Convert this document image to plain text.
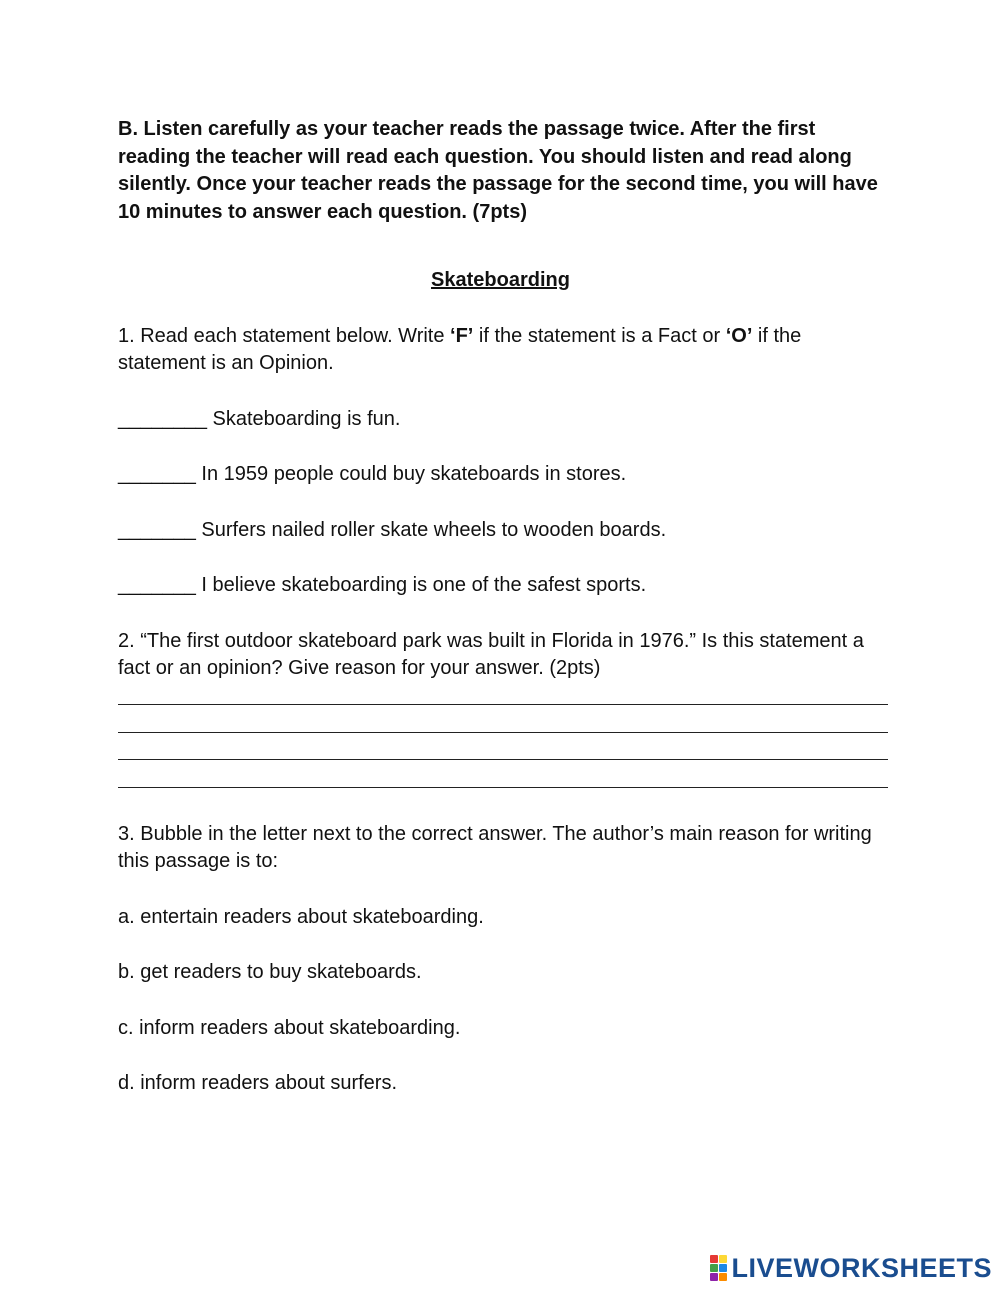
B. Listen carefully as your teacher reads the passage twice. After the first reading the teacher will read each question. You should listen and read along silently. Once your teacher reads the passage for the second time, you will have 10 minutes to answer each question. (7pts)

Skateboarding

1. Read each statement below. Write ‘F’ if the statement is a Fact or ‘O’ if the statement is an Opinion.

________ Skateboarding is fun.
_______ In 1959 people could buy skateboards in stores.
_______ Surfers nailed roller skate wheels to wooden boards.
_______ I believe skateboarding is one of the safest sports.

2. “The first outdoor skateboard park was built in Florida in 1976.” Is this statement a fact or an opinion? Give reason for your answer. (2pts)

3. Bubble in the letter next to the correct answer. The author’s main reason for writing this passage is to:

a. entertain readers about skateboarding.
b. get readers to buy skateboards.
c. inform readers about skateboarding.
d. inform readers about surfers.
LIVEWORKSHEETS
